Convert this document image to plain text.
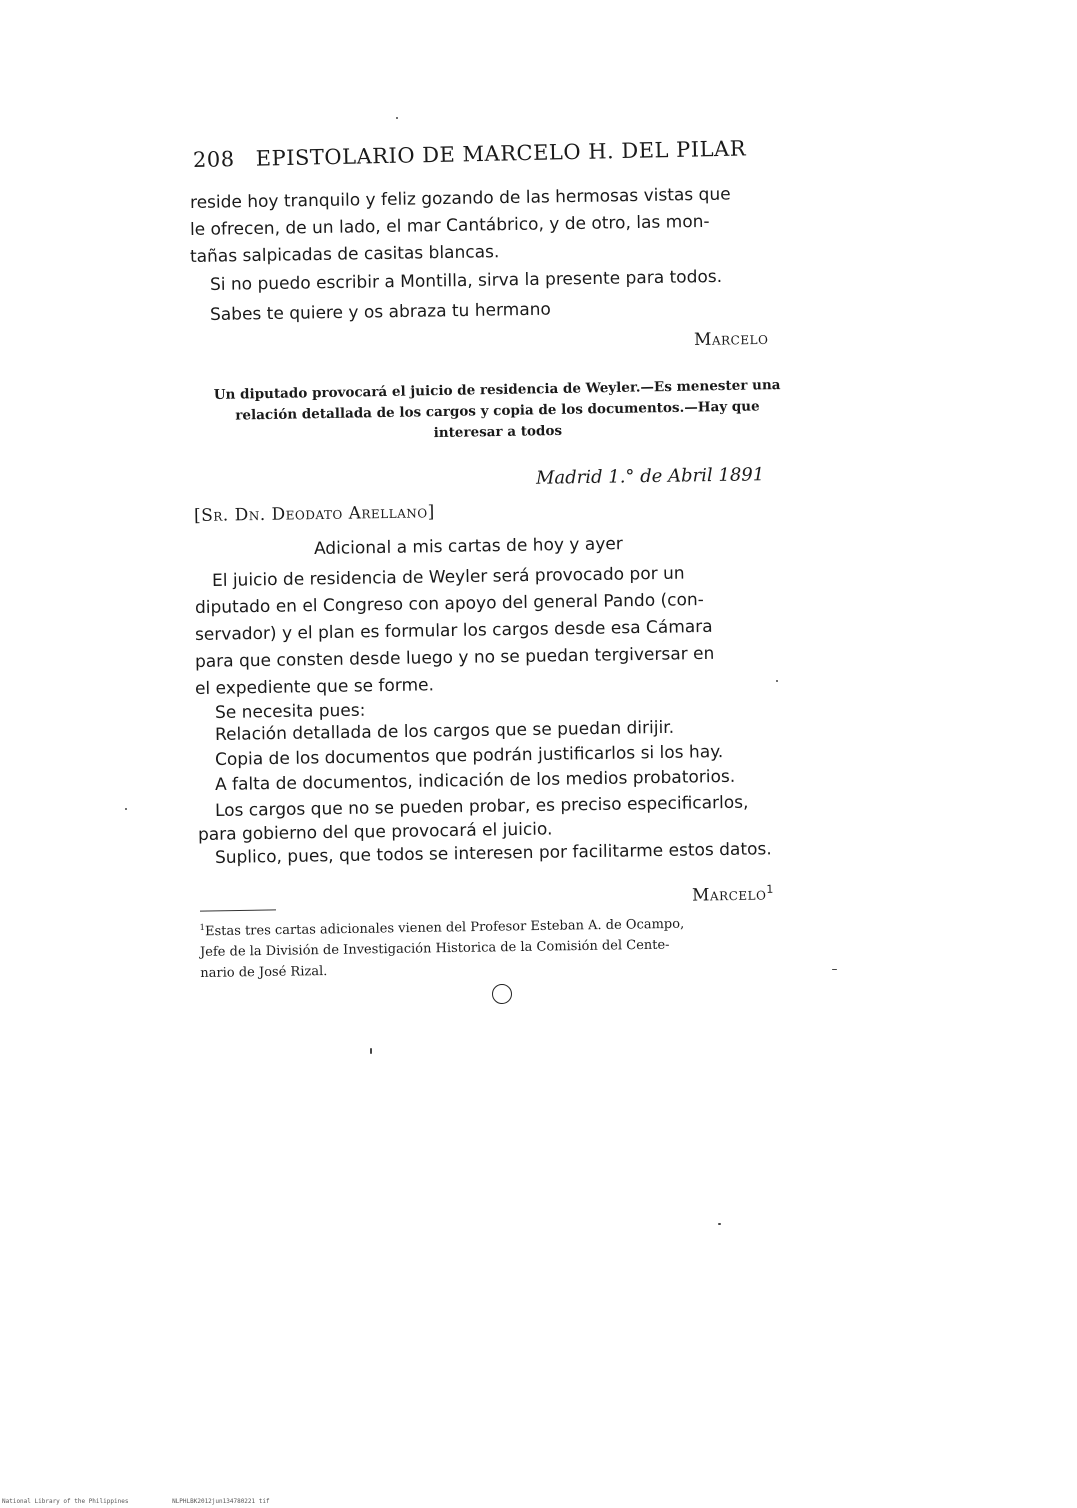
208 EPISTOLARIO DE MARCELO H. DEL PILAR
reside hoy tranquilo y feliz gozando de las hermosas vistas que
le ofrecen, de un lado, el mar Cantábrico, y de otro, las mon-
tañas salpicadas de casitas blancas.
Si no puedo escribir a Montilla, sirva la presente para todos.
Sabes te quiere y os abraza tu hermano
Marcelo
Un diputado provocará el juicio de residencia de Weyler.—Es menester una
relación detallada de los cargos y copia de los documentos.—Hay que
interesar a todos
Madrid 1.° de Abril 1891
[Sr. Dn. Deodato Arellano]
Adicional a mis cartas de hoy y ayer
El juicio de residencia de Weyler será provocado por un
diputado en el Congreso con apoyo del general Pando (con-
servador) y el plan es formular los cargos desde esa Cámara
para que consten desde luego y no se puedan tergiversar en
el expediente que se forme.
Se necesita pues:
Relación detallada de los cargos que se puedan dirijir.
Copia de los documentos que podrán justificarlos si los hay.
A falta de documentos, indicación de los medios probatorios.
Los cargos que no se pueden probar, es preciso especificarlos,
para gobierno del que provocará el juicio.
Suplico, pues, que todos se interesen por facilitarme estos datos.
Marcelo$^1$
$^1$Estas tres cartas adicionales vienen del Profesor Esteban A. de Ocampo,
Jefe de la División de Investigación Historica de la Comisión del Cente-
nario de José Rizal.
National Library of the Philippines	NLPHLBK2012jun134780221 tif
